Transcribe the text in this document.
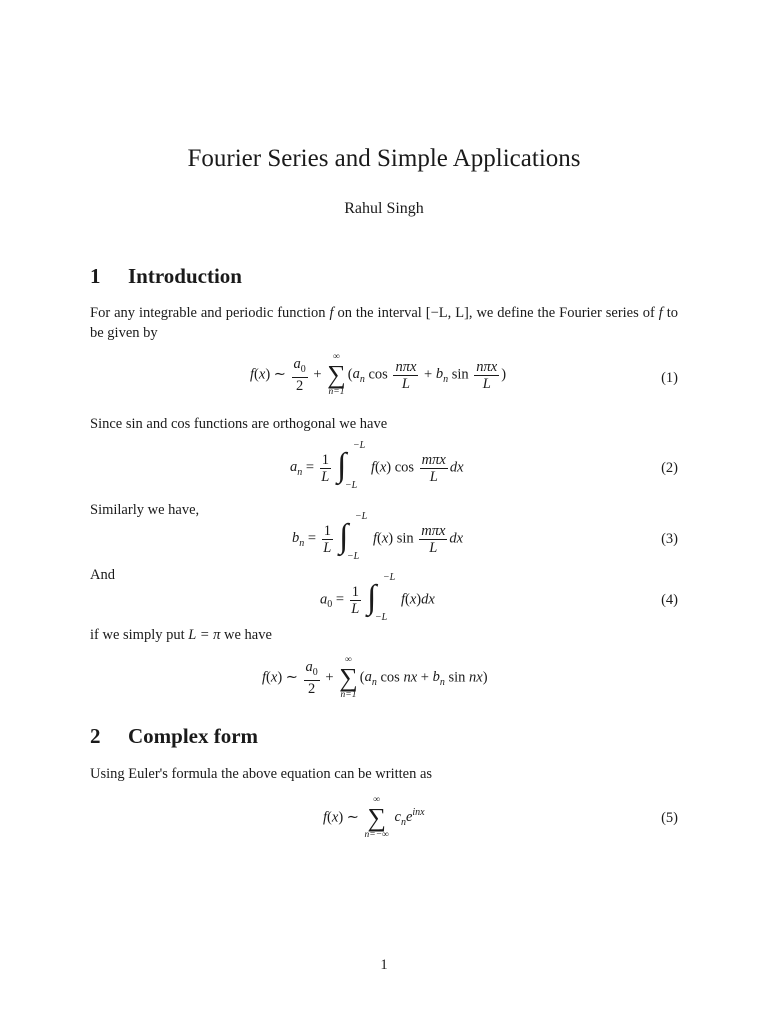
Fourier Series and Simple Applications
Rahul Singh
1 Introduction
For any integrable and periodic function f on the interval [−L, L], we define the Fourier series of f to be given by
f(x) ∼ $\frac{a_0}{2}$ +
∞
∑
n=1
($a_n$ $\cos \frac{\text{nπx}}{L} + b_n$ $\sin \frac{\text{nπx}}{L}$ )	(1)
Since sin and cos functions are orthogonal we have
$a_n = \frac{1}{L}$ ∫
−L
−L
f(x) $\cos \frac{\text{mπx}}{L}$ dx	(2)
Similarly we have,
$b_n = \frac{1}{L}$ ∫
−L
−L
f(x) $\sin \frac{\text{mπx}}{L}$ dx	(3)
And
$a_0 = \frac{1}{L}$ ∫
−L
−L
f(x)dx	(4)
if we simply put L = π we have
f(x) ∼ $\frac{a_0}{2}$ +
∞
∑
n=1
($a_n$ cos nx + $b_n$ sin nx)
2 Complex form
Using Euler's formula the above equation can be written as
f(x) ∼
∞
∑
n=−∞
$c_ne^{inx}$	(5)
1
